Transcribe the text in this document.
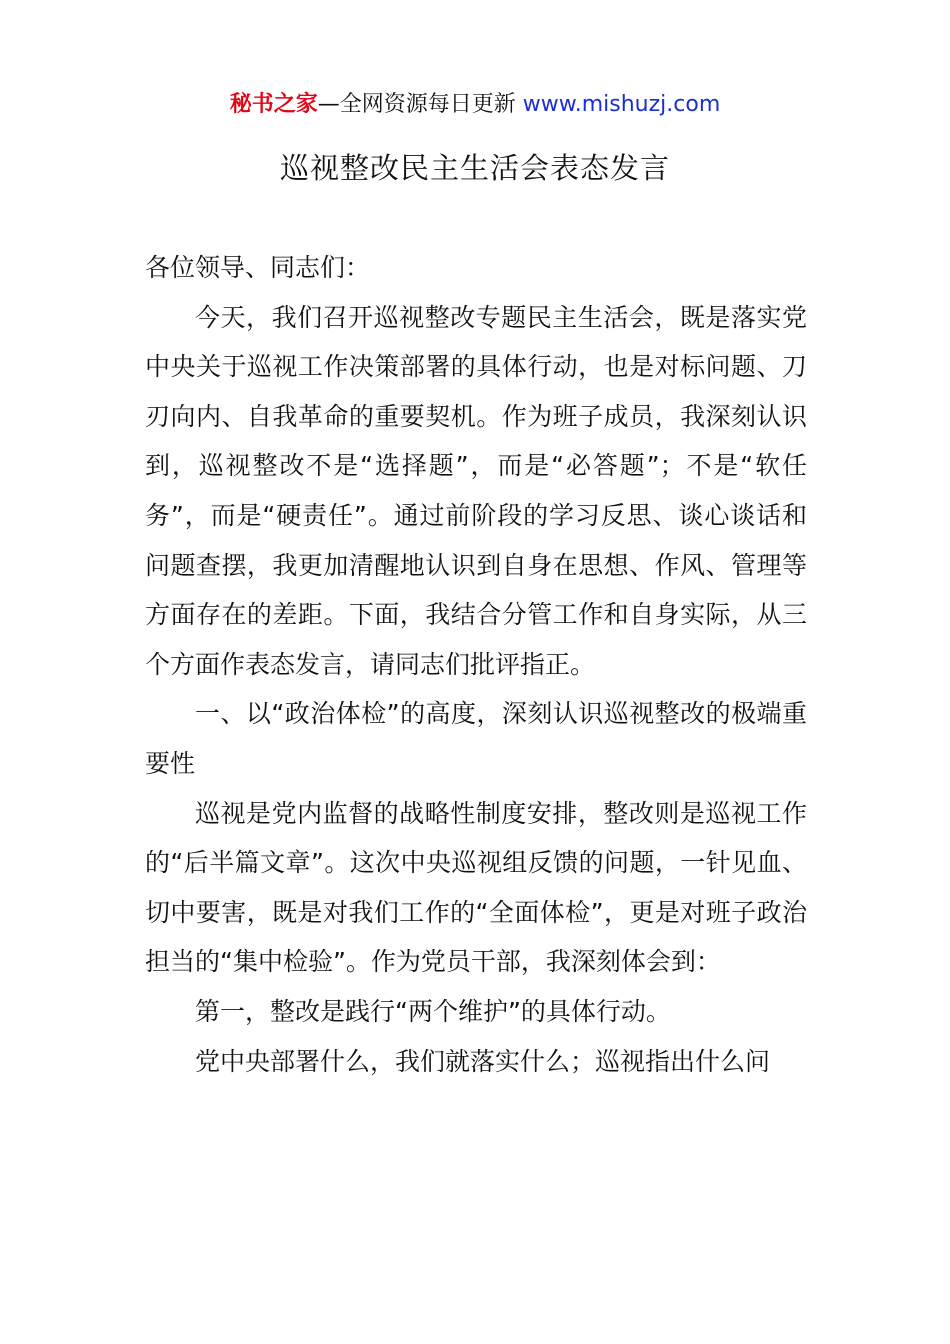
秘书之家—全网资源每日更新 www.mishuzj.com
巡视整改民主生活会表态发言

各位领导、同志们：

今天，我们召开巡视整改专题民主生活会，既是落实党中央关于巡视工作决策部署的具体行动，也是对标问题、刀刃向内、自我革命的重要契机。作为班子成员，我深刻认识到，巡视整改不是“选择题”，而是“必答题”；不是“软任务”，而是“硬责任”。通过前阶段的学习反思、谈心谈话和问题查摆，我更加清醒地认识到自身在思想、作风、管理等方面存在的差距。下面，我结合分管工作和自身实际，从三个方面作表态发言，请同志们批评指正。

一、以“政治体检”的高度，深刻认识巡视整改的极端重要性

巡视是党内监督的战略性制度安排，整改则是巡视工作的“后半篇文章”。这次中央巡视组反馈的问题，一针见血、切中要害，既是对我们工作的“全面体检”，更是对班子政治担当的“集中检验”。作为党员干部，我深刻体会到：

第一，整改是践行“两个维护”的具体行动。

党中央部署什么，我们就落实什么；巡视指出什么问
